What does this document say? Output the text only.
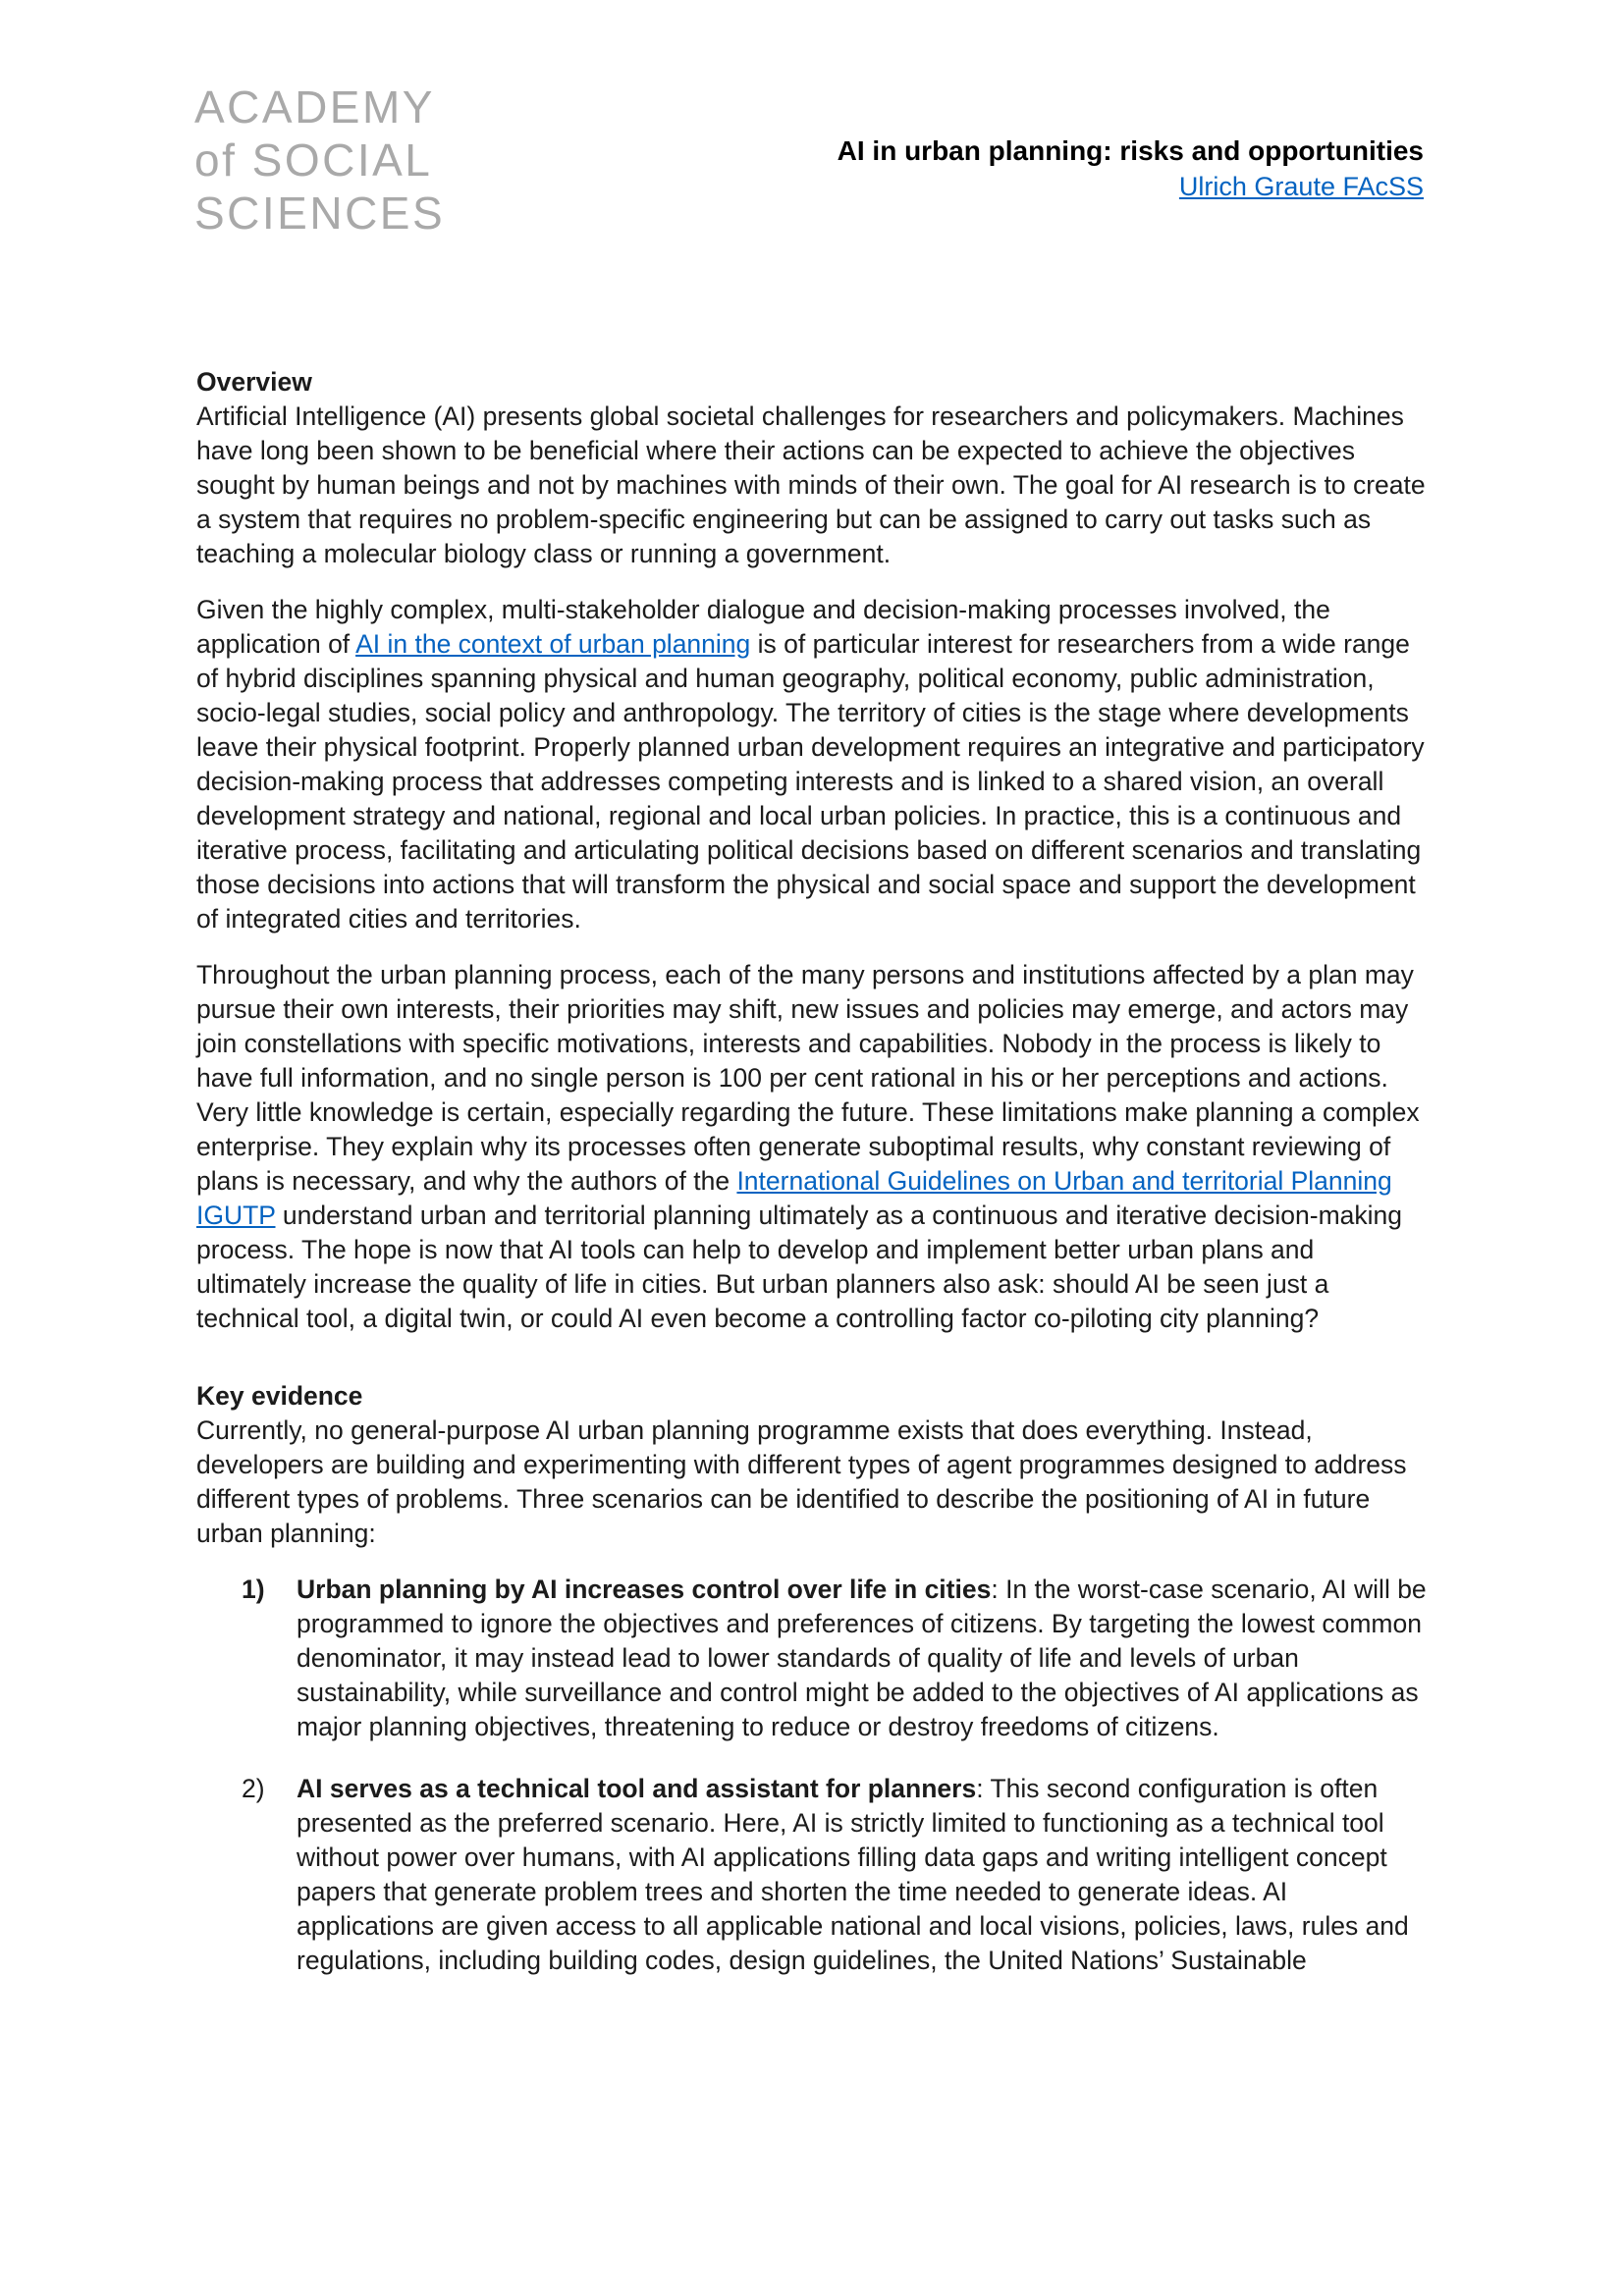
ACADEMY
of SOCIAL
SCIENCES
AI in urban planning: risks and opportunities
Ulrich Graute FAcSS

Overview

Artificial Intelligence (AI) presents global societal challenges for researchers and policymakers. Machines have long been shown to be beneficial where their actions can be expected to achieve the objectives sought by human beings and not by machines with minds of their own. The goal for AI research is to create a system that requires no problem-specific engineering but can be assigned to carry out tasks such as teaching a molecular biology class or running a government.

Given the highly complex, multi-stakeholder dialogue and decision-making processes involved, the application of AI in the context of urban planning is of particular interest for researchers from a wide range of hybrid disciplines spanning physical and human geography, political economy, public administration, socio-legal studies, social policy and anthropology. The territory of cities is the stage where developments leave their physical footprint. Properly planned urban development requires an integrative and participatory decision-making process that addresses competing interests and is linked to a shared vision, an overall development strategy and national, regional and local urban policies. In practice, this is a continuous and iterative process, facilitating and articulating political decisions based on different scenarios and translating those decisions into actions that will transform the physical and social space and support the development of integrated cities and territories.

Throughout the urban planning process, each of the many persons and institutions affected by a plan may pursue their own interests, their priorities may shift, new issues and policies may emerge, and actors may join constellations with specific motivations, interests and capabilities. Nobody in the process is likely to have full information, and no single person is 100 per cent rational in his or her perceptions and actions. Very little knowledge is certain, especially regarding the future. These limitations make planning a complex enterprise. They explain why its processes often generate suboptimal results, why constant reviewing of plans is necessary, and why the authors of the International Guidelines on Urban and territorial Planning IGUTP understand urban and territorial planning ultimately as a continuous and iterative decision-making process. The hope is now that AI tools can help to develop and implement better urban plans and ultimately increase the quality of life in cities. But urban planners also ask: should AI be seen just a technical tool, a digital twin, or could AI even become a controlling factor co-piloting city planning?

Key evidence

Currently, no general-purpose AI urban planning programme exists that does everything. Instead, developers are building and experimenting with different types of agent programmes designed to address different types of problems. Three scenarios can be identified to describe the positioning of AI in future urban planning:

1)	Urban planning by AI increases control over life in cities: In the worst-case scenario, AI will be programmed to ignore the objectives and preferences of citizens. By targeting the lowest common denominator, it may instead lead to lower standards of quality of life and levels of urban sustainability, while surveillance and control might be added to the objectives of AI applications as major planning objectives, threatening to reduce or destroy freedoms of citizens.

2)	AI serves as a technical tool and assistant for planners: This second configuration is often presented as the preferred scenario. Here, AI is strictly limited to functioning as a technical tool without power over humans, with AI applications filling data gaps and writing intelligent concept papers that generate problem trees and shorten the time needed to generate ideas. AI applications are given access to all applicable national and local visions, policies, laws, rules and regulations, including building codes, design guidelines, the United Nations’ Sustainable
